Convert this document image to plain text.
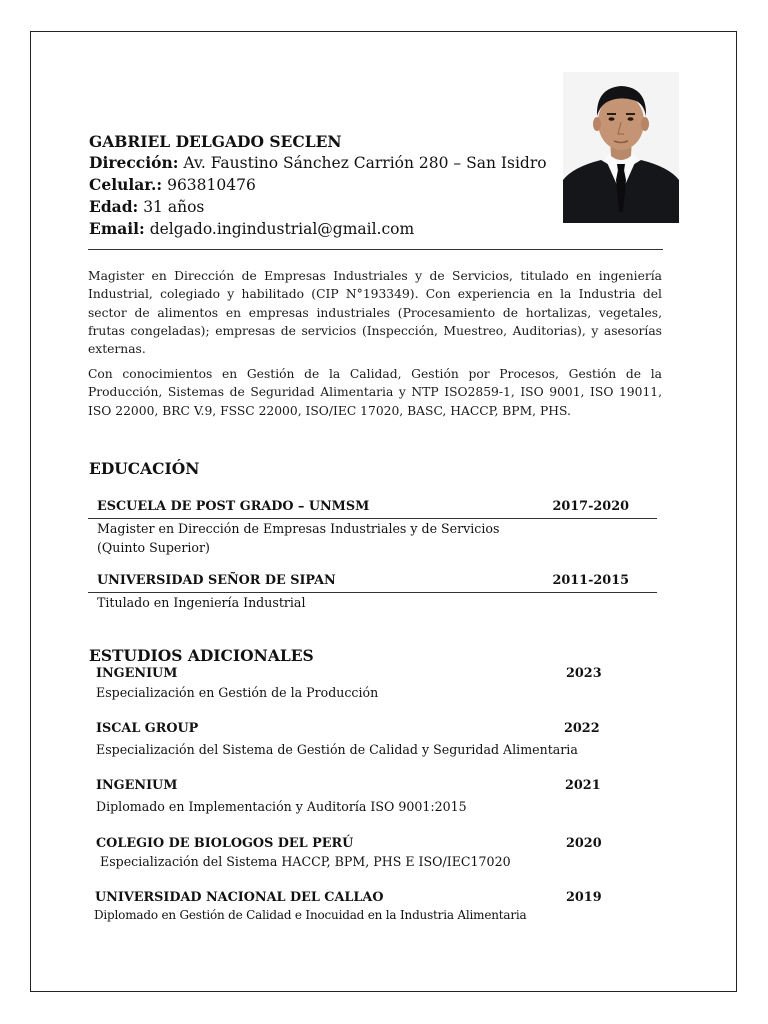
GABRIEL DELGADO SECLEN
Dirección: Av. Faustino Sánchez Carrión 280 – San Isidro
Celular.: 963810476
Edad: 31 años
Email: delgado.ingindustrial@gmail.com
Magister en Dirección de Empresas Industriales y de Servicios, titulado en ingeniería Industrial, colegiado y habilitado (CIP N°193349). Con experiencia en la Industria del sector de alimentos en empresas industriales (Procesamiento de hortalizas, vegetales, frutas congeladas); empresas de servicios (Inspección, Muestreo, Auditorias), y asesorías externas.
Con conocimientos en Gestión de la Calidad, Gestión por Procesos, Gestión de la Producción, Sistemas de Seguridad Alimentaria y NTP ISO2859-1, ISO 9001, ISO 19011, ISO 22000, BRC V.9, FSSC 22000, ISO/IEC 17020, BASC, HACCP, BPM, PHS.
EDUCACIÓN
ESCUELA DE POST GRADO – UNMSM	2017-2020
Magister en Dirección de Empresas Industriales y de Servicios
(Quinto Superior)
UNIVERSIDAD SEÑOR DE SIPAN	2011-2015
Titulado en Ingeniería Industrial
ESTUDIOS ADICIONALES
INGENIUM	2023
Especialización en Gestión de la Producción
ISCAL GROUP	2022
Especialización del Sistema de Gestión de Calidad y Seguridad Alimentaria
INGENIUM	2021
Diplomado en Implementación y Auditoría ISO 9001:2015
COLEGIO DE BIOLOGOS DEL PERÚ	2020
Especialización del Sistema HACCP, BPM, PHS E ISO/IEC17020
UNIVERSIDAD NACIONAL DEL CALLAO	2019
Diplomado en Gestión de Calidad e Inocuidad en la Industria Alimentaria
